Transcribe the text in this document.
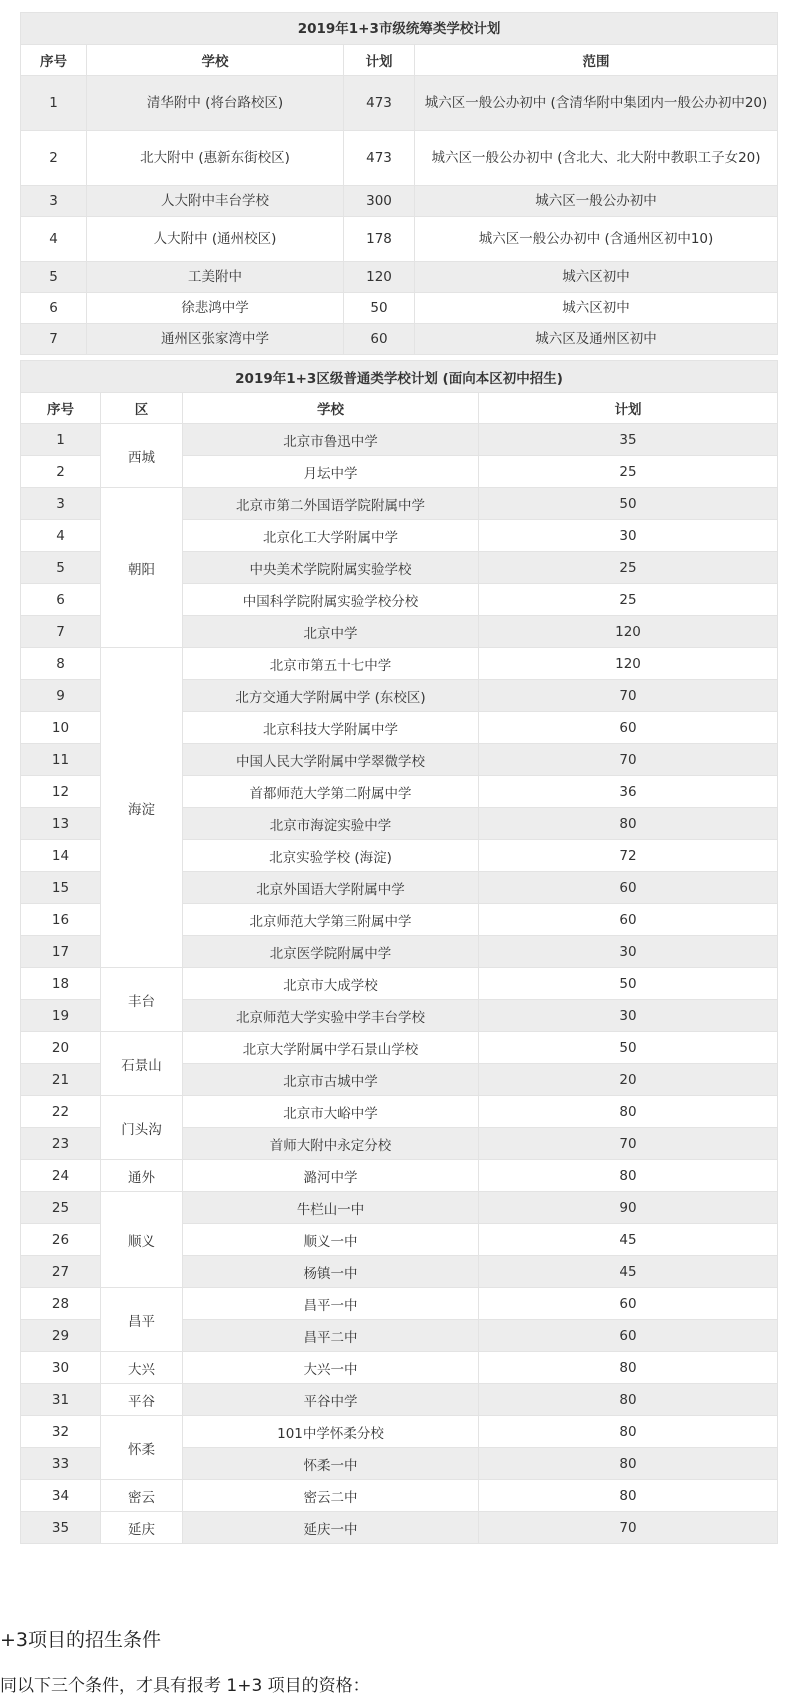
2019年1+3市级统筹类学校计划			
序号	学校	计划	范围
1	清华附中 (将台路校区)	473	城六区一般公办初中 (含清华附中集团内一般公办初中20)
2	北大附中 (惠新东街校区)	473	城六区一般公办初中 (含北大、北大附中教职工子女20)
3	人大附中丰台学校	300	城六区一般公办初中
4	人大附中 (通州校区)	178	城六区一般公办初中 (含通州区初中10)
5	工美附中	120	城六区初中
6	徐悲鸿中学	50	城六区初中
7	通州区张家湾中学	60	城六区及通州区初中
2019年1+3区级普通类学校计划 (面向本区初中招生)			
序号	区	学校	计划
1	西城	北京市鲁迅中学	35
2		月坛中学	25
3	朝阳	北京市第二外国语学院附属中学	50
4		北京化工大学附属中学	30
5		中央美术学院附属实验学校	25
6		中国科学院附属实验学校分校	25
7		北京中学	120
8	海淀	北京市第五十七中学	120
9		北方交通大学附属中学 (东校区)	70
10		北京科技大学附属中学	60
11		中国人民大学附属中学翠微学校	70
12		首都师范大学第二附属中学	36
13		北京市海淀实验中学	80
14		北京实验学校 (海淀)	72
15		北京外国语大学附属中学	60
16		北京师范大学第三附属中学	60
17		北京医学院附属中学	30
18	丰台	北京市大成学校	50
19		北京师范大学实验中学丰台学校	30
20	石景山	北京大学附属中学石景山学校	50
21		北京市古城中学	20
22	门头沟	北京市大峪中学	80
23		首师大附中永定分校	70
24	通外	潞河中学	80
25	顺义	牛栏山一中	90
26		顺义一中	45
27		杨镇一中	45
28	昌平	昌平一中	60
29		昌平二中	60
30	大兴	大兴一中	80
31	平谷	平谷中学	80
32	怀柔	101中学怀柔分校	80
33		怀柔一中	80
34	密云	密云二中	80
35	延庆	延庆一中	70
+3项目的招生条件
同以下三个条件，才具有报考 1+3 项目的资格：
